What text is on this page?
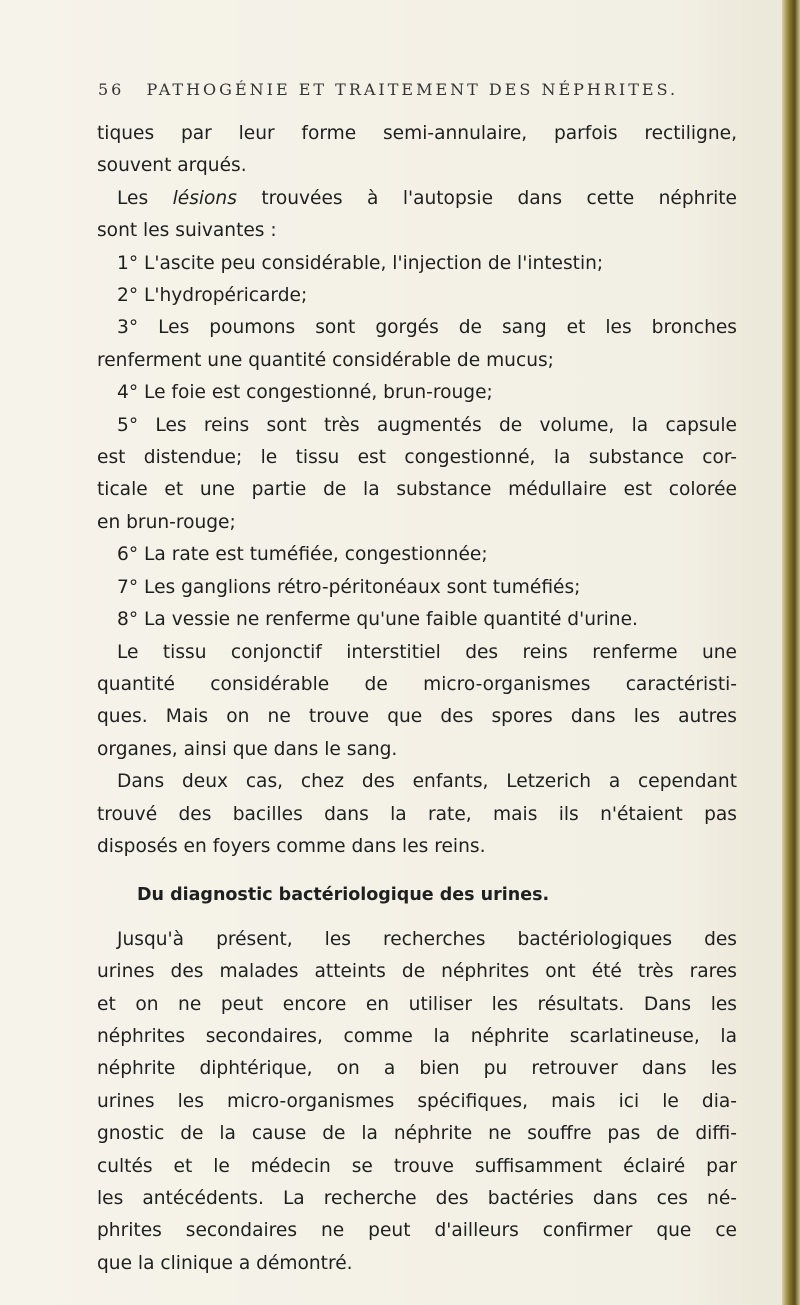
56 PATHOGÉNIE ET TRAITEMENT DES NÉPHRITES.
tiques par leur forme semi-annulaire, parfois rectiligne,
souvent arqués.
Les lésions trouvées à l'autopsie dans cette néphrite
sont les suivantes :
1° L'ascite peu considérable, l'injection de l'intestin;
2° L'hydropéricarde;
3° Les poumons sont gorgés de sang et les bronches
renferment une quantité considérable de mucus;
4° Le foie est congestionné, brun-rouge;
5° Les reins sont très augmentés de volume, la capsule
est distendue; le tissu est congestionné, la substance cor-
ticale et une partie de la substance médullaire est colorée
en brun-rouge;
6° La rate est tuméfiée, congestionnée;
7° Les ganglions rétro-péritonéaux sont tuméfiés;
8° La vessie ne renferme qu'une faible quantité d'urine.
Le tissu conjonctif interstitiel des reins renferme une
quantité considérable de micro-organismes caractéristi-
ques. Mais on ne trouve que des spores dans les autres
organes, ainsi que dans le sang.
Dans deux cas, chez des enfants, Letzerich a cependant
trouvé des bacilles dans la rate, mais ils n'étaient pas
disposés en foyers comme dans les reins.
Du diagnostic bactériologique des urines.
Jusqu'à présent, les recherches bactériologiques des
urines des malades atteints de néphrites ont été très rares
et on ne peut encore en utiliser les résultats. Dans les
néphrites secondaires, comme la néphrite scarlatineuse, la
néphrite diphtérique, on a bien pu retrouver dans les
urines les micro-organismes spécifiques, mais ici le dia-
gnostic de la cause de la néphrite ne souffre pas de diffi-
cultés et le médecin se trouve suffisamment éclairé par
les antécédents. La recherche des bactéries dans ces né-
phrites secondaires ne peut d'ailleurs confirmer que ce
que la clinique a démontré.
